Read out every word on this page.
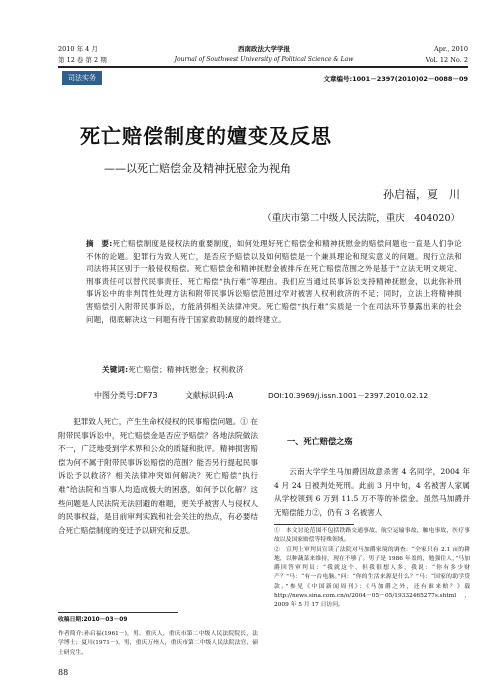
2010 年 4 月
第 12 卷 第 2 期
西南政法大学学报
Journal of Southwest University of Political Science & Law
Apr., 2010
Vol. 12 No. 2
司法实务	文章编号:1001－2397(2010)02－0088－09
死亡赔偿制度的嬗变及反思
——以死亡赔偿金及精神抚慰金为视角
孙启福，夏　川
（重庆市第二中级人民法院，重庆　404020）
摘　要:死亡赔偿制度是侵权法的重要制度，如何处理好死亡赔偿金和精神抚慰金的赔偿问题也一直是人们争论不休的论题。犯罪行为致人死亡，是否应予赔偿以及如何赔偿是一个兼具理论和现实意义的问题。现行立法和司法将其区别于一般侵权赔偿。死亡赔偿金和精神抚慰金被排斥在死亡赔偿范围之外是基于“立法无明文规定、刑事责任可以替代民事责任、死亡赔偿“执行难”等理由。我们应当通过民事诉讼支持精神抚慰金，以此弥补刑事诉讼中的非判罚性处理方法和附带民事诉讼赔偿范围过窄对被害人权利救济的不足；同时，立法上将精神损害赔偿引入附带民事诉讼，方能消弭相关法律冲突。死亡赔偿“执行难”实质是一个在司法环节暴露出来的社会问题，彻底解决这一问题有待于国家救助制度的最终建立。
关键词:死亡赔偿；精神抚慰金；权利救济
中图分类号:DF73	文献标识码:A	DOI:10.3969/j.issn.1001－2397.2010.02.12
犯罪致人死亡，产生生命权侵权的民事赔偿问题。① 在附带民事诉讼中，死亡赔偿金是否应予赔偿？各地法院做法不一，广泛地受到学术界和公众的质疑和批评。精神损害赔偿为何不属于附带民事诉讼赔偿的范围？能否另行提起民事诉讼予以救济？相关法律冲突如何解决？死亡赔偿“执行难”给法院和当事人均造成极大的困惑，如何予以化解？这些问题是人民法院无法回避的难题，更关乎被害人与侵权人的民事权益，是目前审判实践和社会关注的热点，有必要结合死亡赔偿制度的变迁予以研究和反思。
一、死亡赔偿之殇
云南大学学生马加爵因故意杀害 4 名同学，2004 年 4 月 24 日被判处死刑。此前 3 月中旬，4 名被害人家属从学校领到 6 万到 11.5 万不等的补偿金。虽然马加爵并无赔偿能力②，仍有 3 名被害人
①　本文讨论范围不包括铁路交通事故、航空运输事故、触电事故、医疗事故以及国家赔偿等特殊领域。
②　宣判上审判员宣读了法院对马加爵家境的调查：“全家只有 2.1 亩的耕地，以种蔬菜来维持，现在不够了。男子是 1986 年盖的，勉强住人，”马加爵回答审判员：“我就这个，但我很想人多，我说：“你有多少财产？”马：“有一台电脑。”问：“你的生活来源是什么？”马：“国家的助学贷款。”参见《中国新闻周刊》：《马加爵之外，还有谁来赔？》载 http://news.sina.com.cn/o/2004－05－05/19332465277s.shtml，2009 年 5 月 17 日访问。
收稿日期:2010－03－09
作者简介:孙启福(1961－)，男，重庆人，重庆市第二中级人民法院院长，法学博士；夏川(1971－)，男，重庆万州人，重庆市第二中级人民法院法官，硕士研究生。
88
